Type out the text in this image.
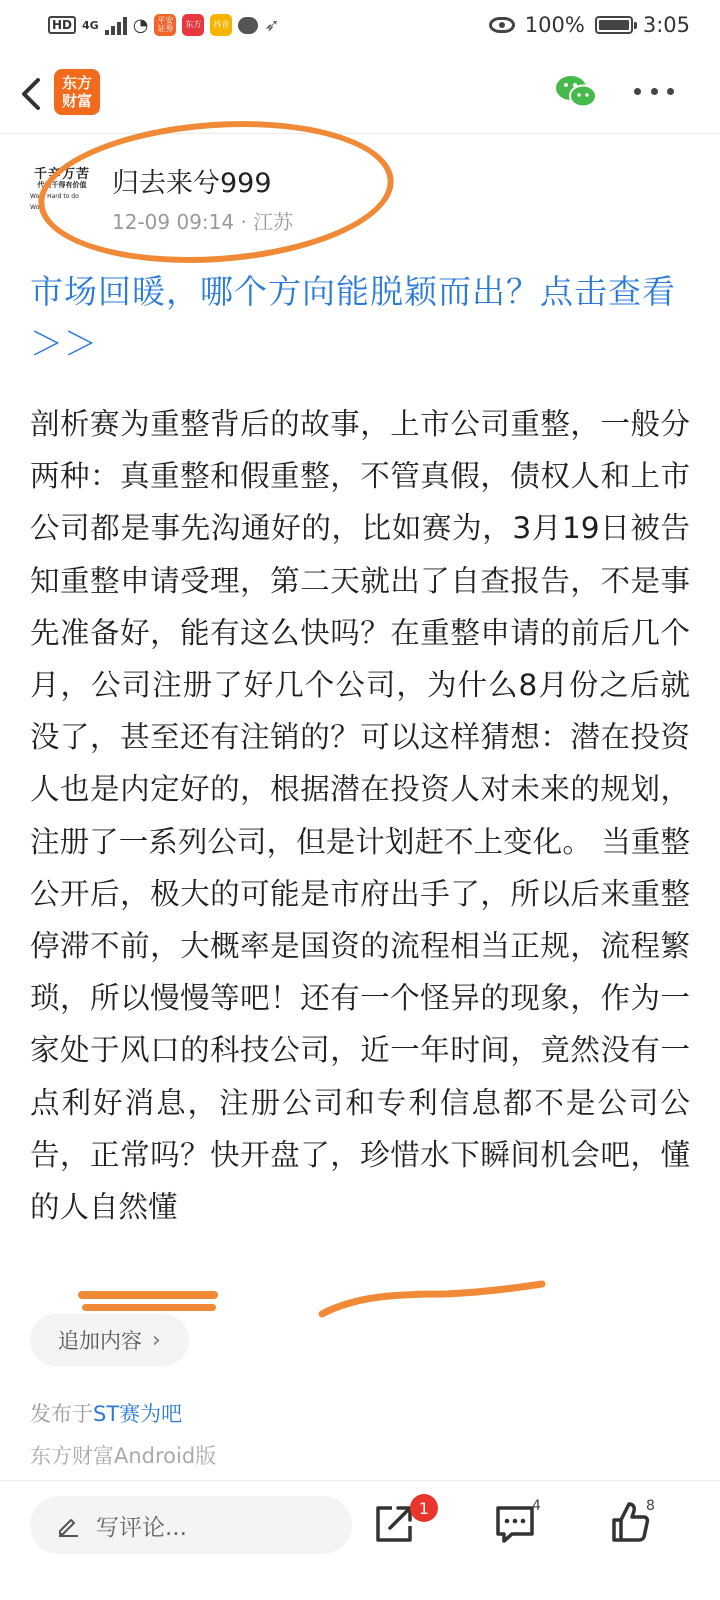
HD 4G ◔	平安证券	东方	抖音 ➶	100%	3:05
东方
财富
千辛万苦
代表千得有价值
Work Hard to do Work
归去来兮999
12-09 09:14 · 江苏
市场回暖，哪个方向能脱颖而出？点击查看＞＞
剖析赛为重整背后的故事，上市公司重整，一般分两种：真重整和假重整，不管真假，债权人和上市公司都是事先沟通好的，比如赛为，3月19日被告知重整申请受理，第二天就出了自查报告，不是事先准备好，能有这么快吗？在重整申请的前后几个月，公司注册了好几个公司，为什么8月份之后就没了，甚至还有注销的？可以这样猜想：潜在投资人也是内定好的，根据潜在投资人对未来的规划，注册了一系列公司，但是计划赶不上变化。 当重整公开后，极大的可能是市府出手了，所以后来重整停滞不前，大概率是国资的流程相当正规，流程繁琐，所以慢慢等吧！还有一个怪异的现象，作为一家处于风口的科技公司，近一年时间，竟然没有一点利好消息，注册公司和专利信息都不是公司公告，正常吗？快开盘了，珍惜水下瞬间机会吧，懂的人自然懂
追加内容 ›
发布于ST赛为吧
东方财富Android版
写评论...
1	4	8
